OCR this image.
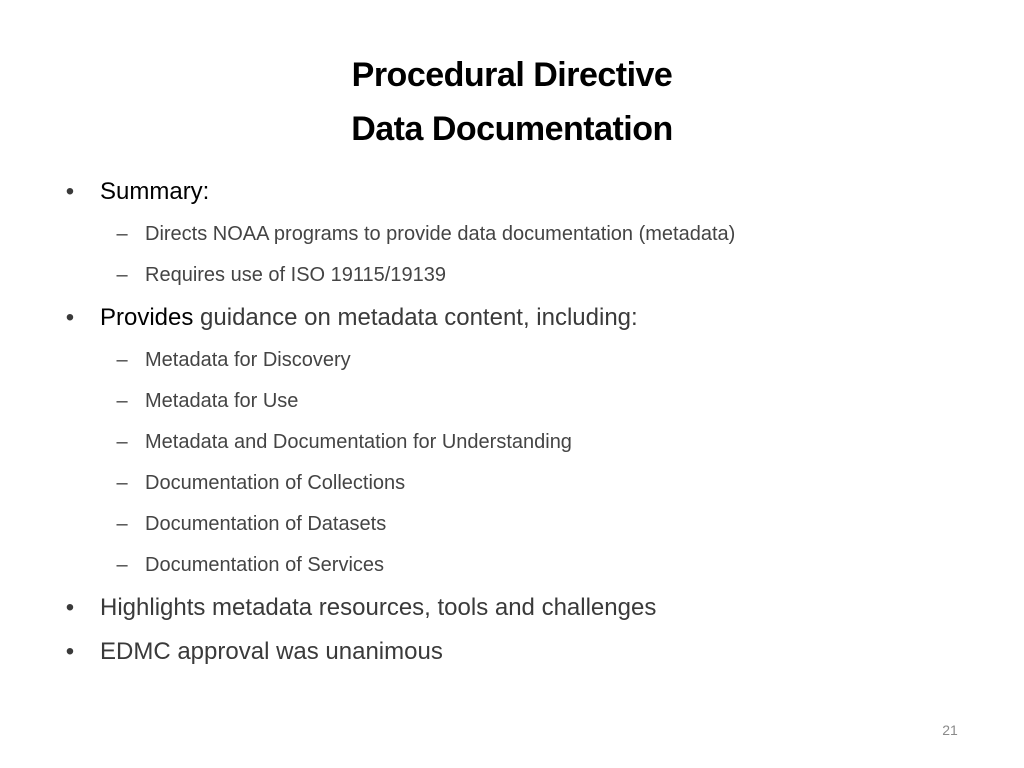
Procedural Directive
Data Documentation
• Summary:
– Directs NOAA programs to provide data documentation (metadata)
– Requires use of ISO 19115/19139
• Provides guidance on metadata content, including:
– Metadata for Discovery
– Metadata for Use
– Metadata and Documentation for Understanding
– Documentation of Collections
– Documentation of Datasets
– Documentation of Services
• Highlights metadata resources, tools and challenges
• EDMC approval was unanimous
21
